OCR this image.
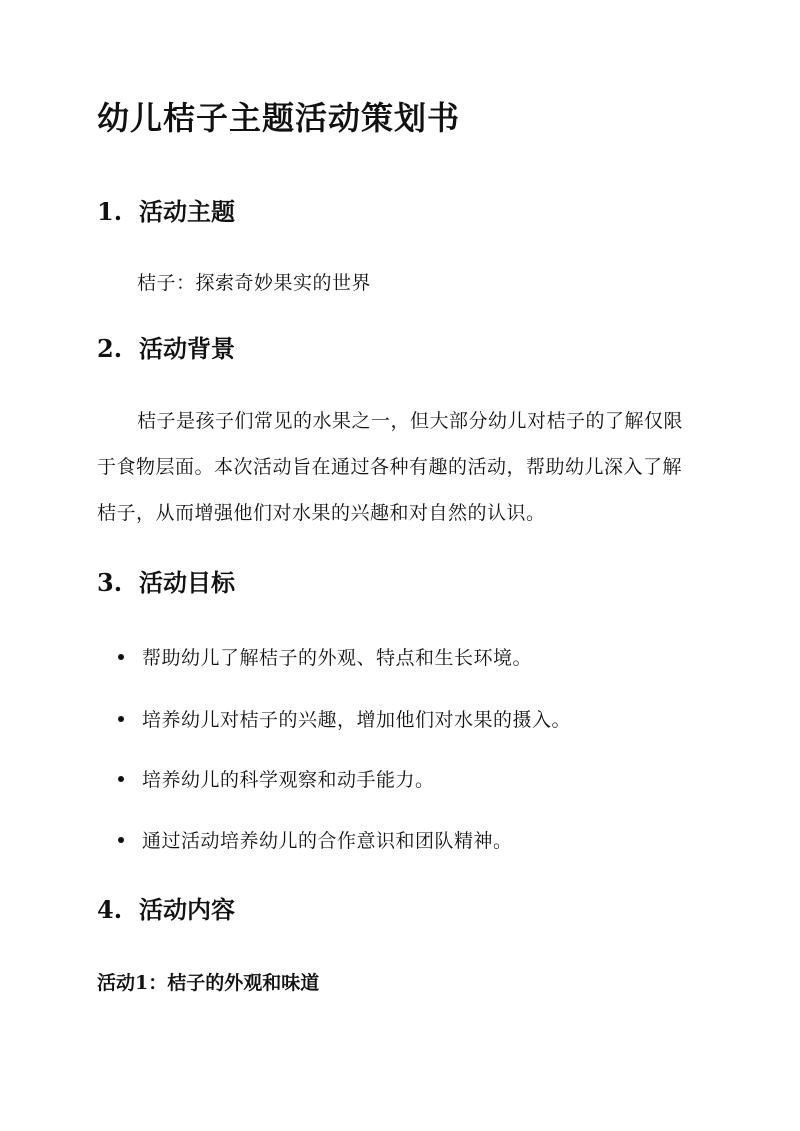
幼儿桔子主题活动策划书
1. 活动主题

桔子：探索奇妙果实的世界

2. 活动背景

桔子是孩子们常见的水果之一，但大部分幼儿对桔子的了解仅限于食物层面。本次活动旨在通过各种有趣的活动，帮助幼儿深入了解桔子，从而增强他们对水果的兴趣和对自然的认识。

3. 活动目标
帮助幼儿了解桔子的外观、特点和生长环境。
培养幼儿对桔子的兴趣，增加他们对水果的摄入。
培养幼儿的科学观察和动手能力。
通过活动培养幼儿的合作意识和团队精神。
4. 活动内容

活动1：桔子的外观和味道
